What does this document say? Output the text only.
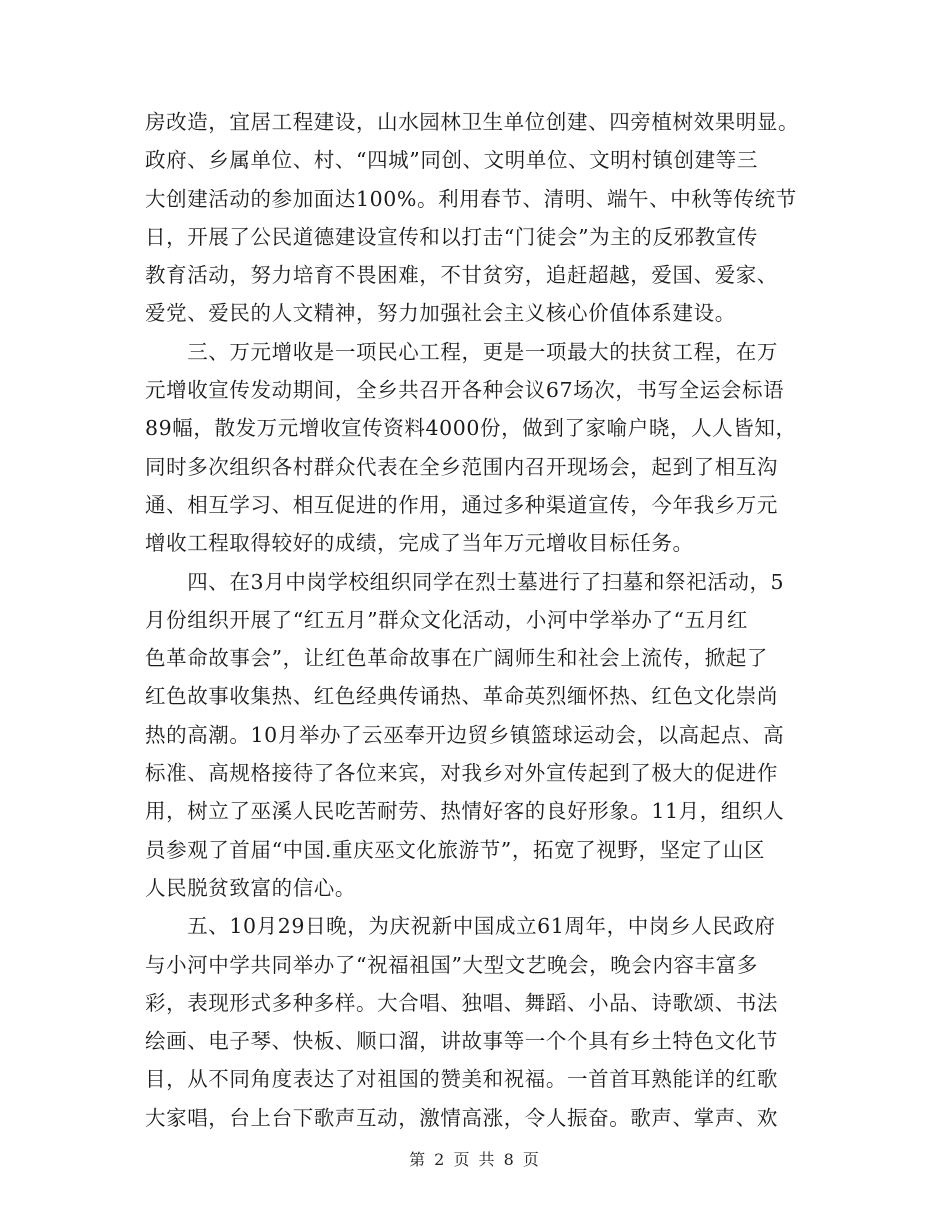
房改造，宜居工程建设，山水园林卫生单位创建、四旁植树效果明显。
政府、乡属单位、村、“四城”同创、文明单位、文明村镇创建等三
大创建活动的参加面达100%。利用春节、清明、端午、中秋等传统节
日，开展了公民道德建设宣传和以打击“门徒会”为主的反邪教宣传
教育活动，努力培育不畏困难，不甘贫穷，追赶超越，爱国、爱家、
爱党、爱民的人文精神，努力加强社会主义核心价值体系建设。
　　三、万元增收是一项民心工程，更是一项最大的扶贫工程，在万
元增收宣传发动期间，全乡共召开各种会议67场次，书写全运会标语
89幅，散发万元增收宣传资料4000份，做到了家喻户晓，人人皆知，
同时多次组织各村群众代表在全乡范围内召开现场会，起到了相互沟
通、相互学习、相互促进的作用，通过多种渠道宣传，今年我乡万元
增收工程取得较好的成绩，完成了当年万元增收目标任务。
　　四、在3月中岗学校组织同学在烈士墓进行了扫墓和祭祀活动，5
月份组织开展了“红五月”群众文化活动，小河中学举办了“五月红
色革命故事会”，让红色革命故事在广阔师生和社会上流传，掀起了
红色故事收集热、红色经典传诵热、革命英烈缅怀热、红色文化崇尚
热的高潮。10月举办了云巫奉开边贸乡镇篮球运动会，以高起点、高
标准、高规格接待了各位来宾，对我乡对外宣传起到了极大的促进作
用，树立了巫溪人民吃苦耐劳、热情好客的良好形象。11月，组织人
员参观了首届“中国.重庆巫文化旅游节”，拓宽了视野，坚定了山区
人民脱贫致富的信心。
　　五、10月29日晚，为庆祝新中国成立61周年，中岗乡人民政府
与小河中学共同举办了“祝福祖国”大型文艺晚会，晚会内容丰富多
彩，表现形式多种多样。大合唱、独唱、舞蹈、小品、诗歌颂、书法
绘画、电子琴、快板、顺口溜，讲故事等一个个具有乡土特色文化节
目，从不同角度表达了对祖国的赞美和祝福。一首首耳熟能详的红歌
大家唱，台上台下歌声互动，激情高涨，令人振奋。歌声、掌声、欢
第 2 页 共 8 页
